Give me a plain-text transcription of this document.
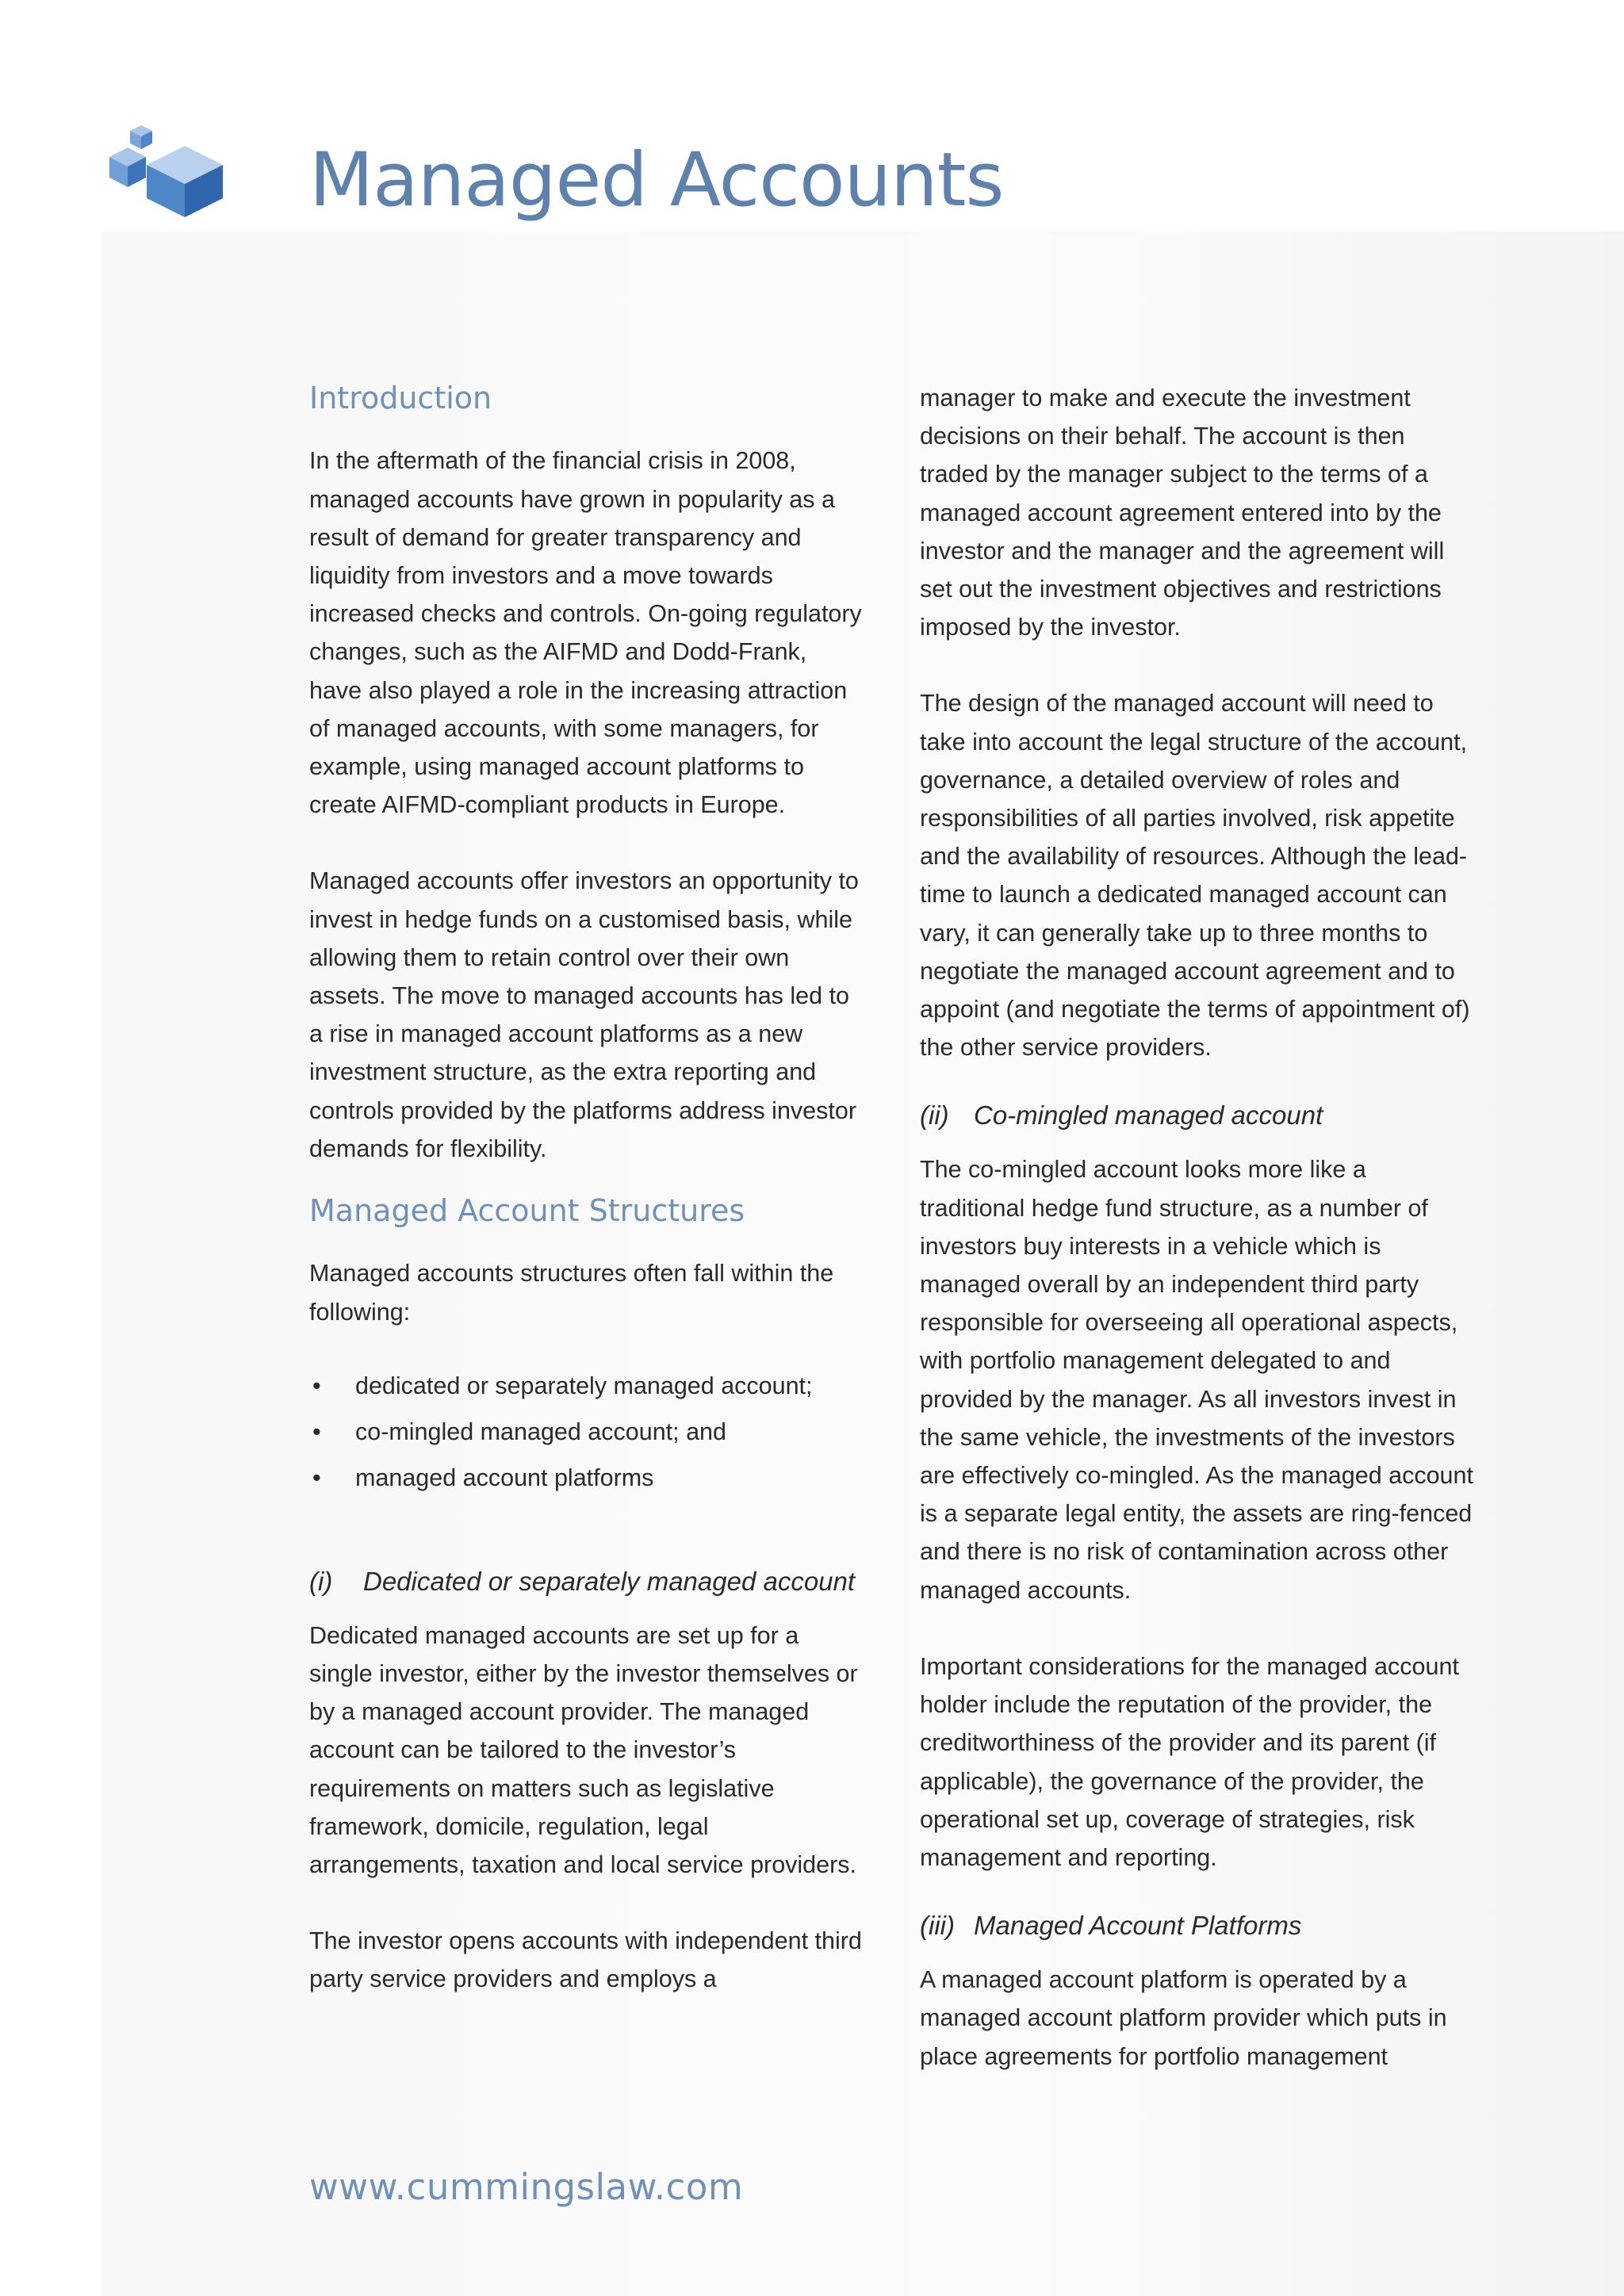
Managed Accounts
Introduction

In the aftermath of the financial crisis in 2008, managed accounts have grown in popularity as a result of demand for greater transparency and liquidity from investors and a move towards increased checks and controls. On-going regulatory changes, such as the AIFMD and Dodd-Frank, have also played a role in the increasing attraction of managed accounts, with some managers, for example, using managed account platforms to create AIFMD-compliant products in Europe.

Managed accounts offer investors an opportunity to invest in hedge funds on a customised basis, while allowing them to retain control over their own assets. The move to managed accounts has led to a rise in managed account platforms as a new investment structure, as the extra reporting and controls provided by the platforms address investor demands for flexibility.

Managed Account Structures

Managed accounts structures often fall within the following:

• dedicated or separately managed account;
• co-mingled managed account; and
• managed account platforms
(i)	Dedicated or separately managed account

Dedicated managed accounts are set up for a single investor, either by the investor themselves or by a managed account provider. The managed account can be tailored to the investor’s requirements on matters such as legislative framework, domicile, regulation, legal arrangements, taxation and local service providers.

The investor opens accounts with independent third party service providers and employs a

manager to make and execute the investment decisions on their behalf. The account is then traded by the manager subject to the terms of a managed account agreement entered into by the investor and the manager and the agreement will set out the investment objectives and restrictions imposed by the investor.

The design of the managed account will need to take into account the legal structure of the account, governance, a detailed overview of roles and responsibilities of all parties involved, risk appetite and the availability of resources. Although the lead-time to launch a dedicated managed account can vary, it can generally take up to three months to negotiate the managed account agreement and to appoint (and negotiate the terms of appointment of) the other service providers.

(ii) Co-mingled managed account

The co-mingled account looks more like a traditional hedge fund structure, as a number of investors buy interests in a vehicle which is managed overall by an independent third party responsible for overseeing all operational aspects, with portfolio management delegated to and provided by the manager. As all investors invest in the same vehicle, the investments of the investors are effectively co-mingled. As the managed account is a separate legal entity, the assets are ring-fenced and there is no risk of contamination across other managed accounts.

Important considerations for the managed account holder include the reputation of the provider, the creditworthiness of the provider and its parent (if applicable), the governance of the provider, the operational set up, coverage of strategies, risk management and reporting.

(iii) Managed Account Platforms

A managed account platform is operated by a managed account platform provider which puts in place agreements for portfolio management

www.cummingslaw.com
